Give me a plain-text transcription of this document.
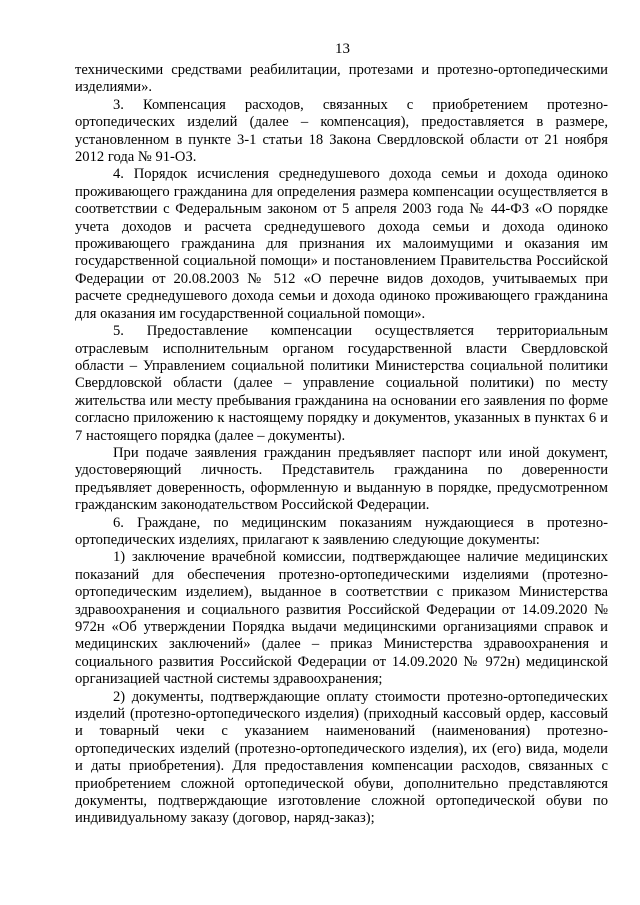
13

техническими средствами реабилитации, протезами и протезно-ортопедическими изделиями».

3. Компенсация расходов, связанных с приобретением протезно-ортопедических изделий (далее – компенсация), предоставляется в размере, установленном в пункте 3-1 статьи 18 Закона Свердловской области от 21 ноября 2012 года № 91-ОЗ.

4. Порядок исчисления среднедушевого дохода семьи и дохода одиноко проживающего гражданина для определения размера компенсации осуществляется в соответствии с Федеральным законом от 5 апреля 2003 года № 44-ФЗ «О порядке учета доходов и расчета среднедушевого дохода семьи и дохода одиноко проживающего гражданина для признания их малоимущими и оказания им государственной социальной помощи» и постановлением Правительства Российской Федерации от 20.08.2003 № 512 «О перечне видов доходов, учитываемых при расчете среднедушевого дохода семьи и дохода одиноко проживающего гражданина для оказания им государственной социальной помощи».

5. Предоставление компенсации осуществляется территориальным отраслевым исполнительным органом государственной власти Свердловской области – Управлением социальной политики Министерства социальной политики Свердловской области (далее – управление социальной политики) по месту жительства или месту пребывания гражданина на основании его заявления по форме согласно приложению к настоящему порядку и документов, указанных в пунктах 6 и 7 настоящего порядка (далее – документы).

При подаче заявления гражданин предъявляет паспорт или иной документ, удостоверяющий личность. Представитель гражданина по доверенности предъявляет доверенность, оформленную и выданную в порядке, предусмотренном гражданским законодательством Российской Федерации.

6. Граждане, по медицинским показаниям нуждающиеся в протезно-ортопедических изделиях, прилагают к заявлению следующие документы:

1) заключение врачебной комиссии, подтверждающее наличие медицинских показаний для обеспечения протезно-ортопедическими изделиями (протезно-ортопедическим изделием), выданное в соответствии с приказом Министерства здравоохранения и социального развития Российской Федерации от 14.09.2020 № 972н «Об утверждении Порядка выдачи медицинскими организациями справок и медицинских заключений» (далее – приказ Министерства здравоохранения и социального развития Российской Федерации от 14.09.2020 № 972н) медицинской организацией частной системы здравоохранения;

2) документы, подтверждающие оплату стоимости протезно-ортопедических изделий (протезно-ортопедического изделия) (приходный кассовый ордер, кассовый и товарный чеки с указанием наименований (наименования) протезно-ортопедических изделий (протезно-ортопедического изделия), их (его) вида, модели и даты приобретения). Для предоставления компенсации расходов, связанных с приобретением сложной ортопедической обуви, дополнительно представляются документы, подтверждающие изготовление сложной ортопедической обуви по индивидуальному заказу (договор, наряд-заказ);
